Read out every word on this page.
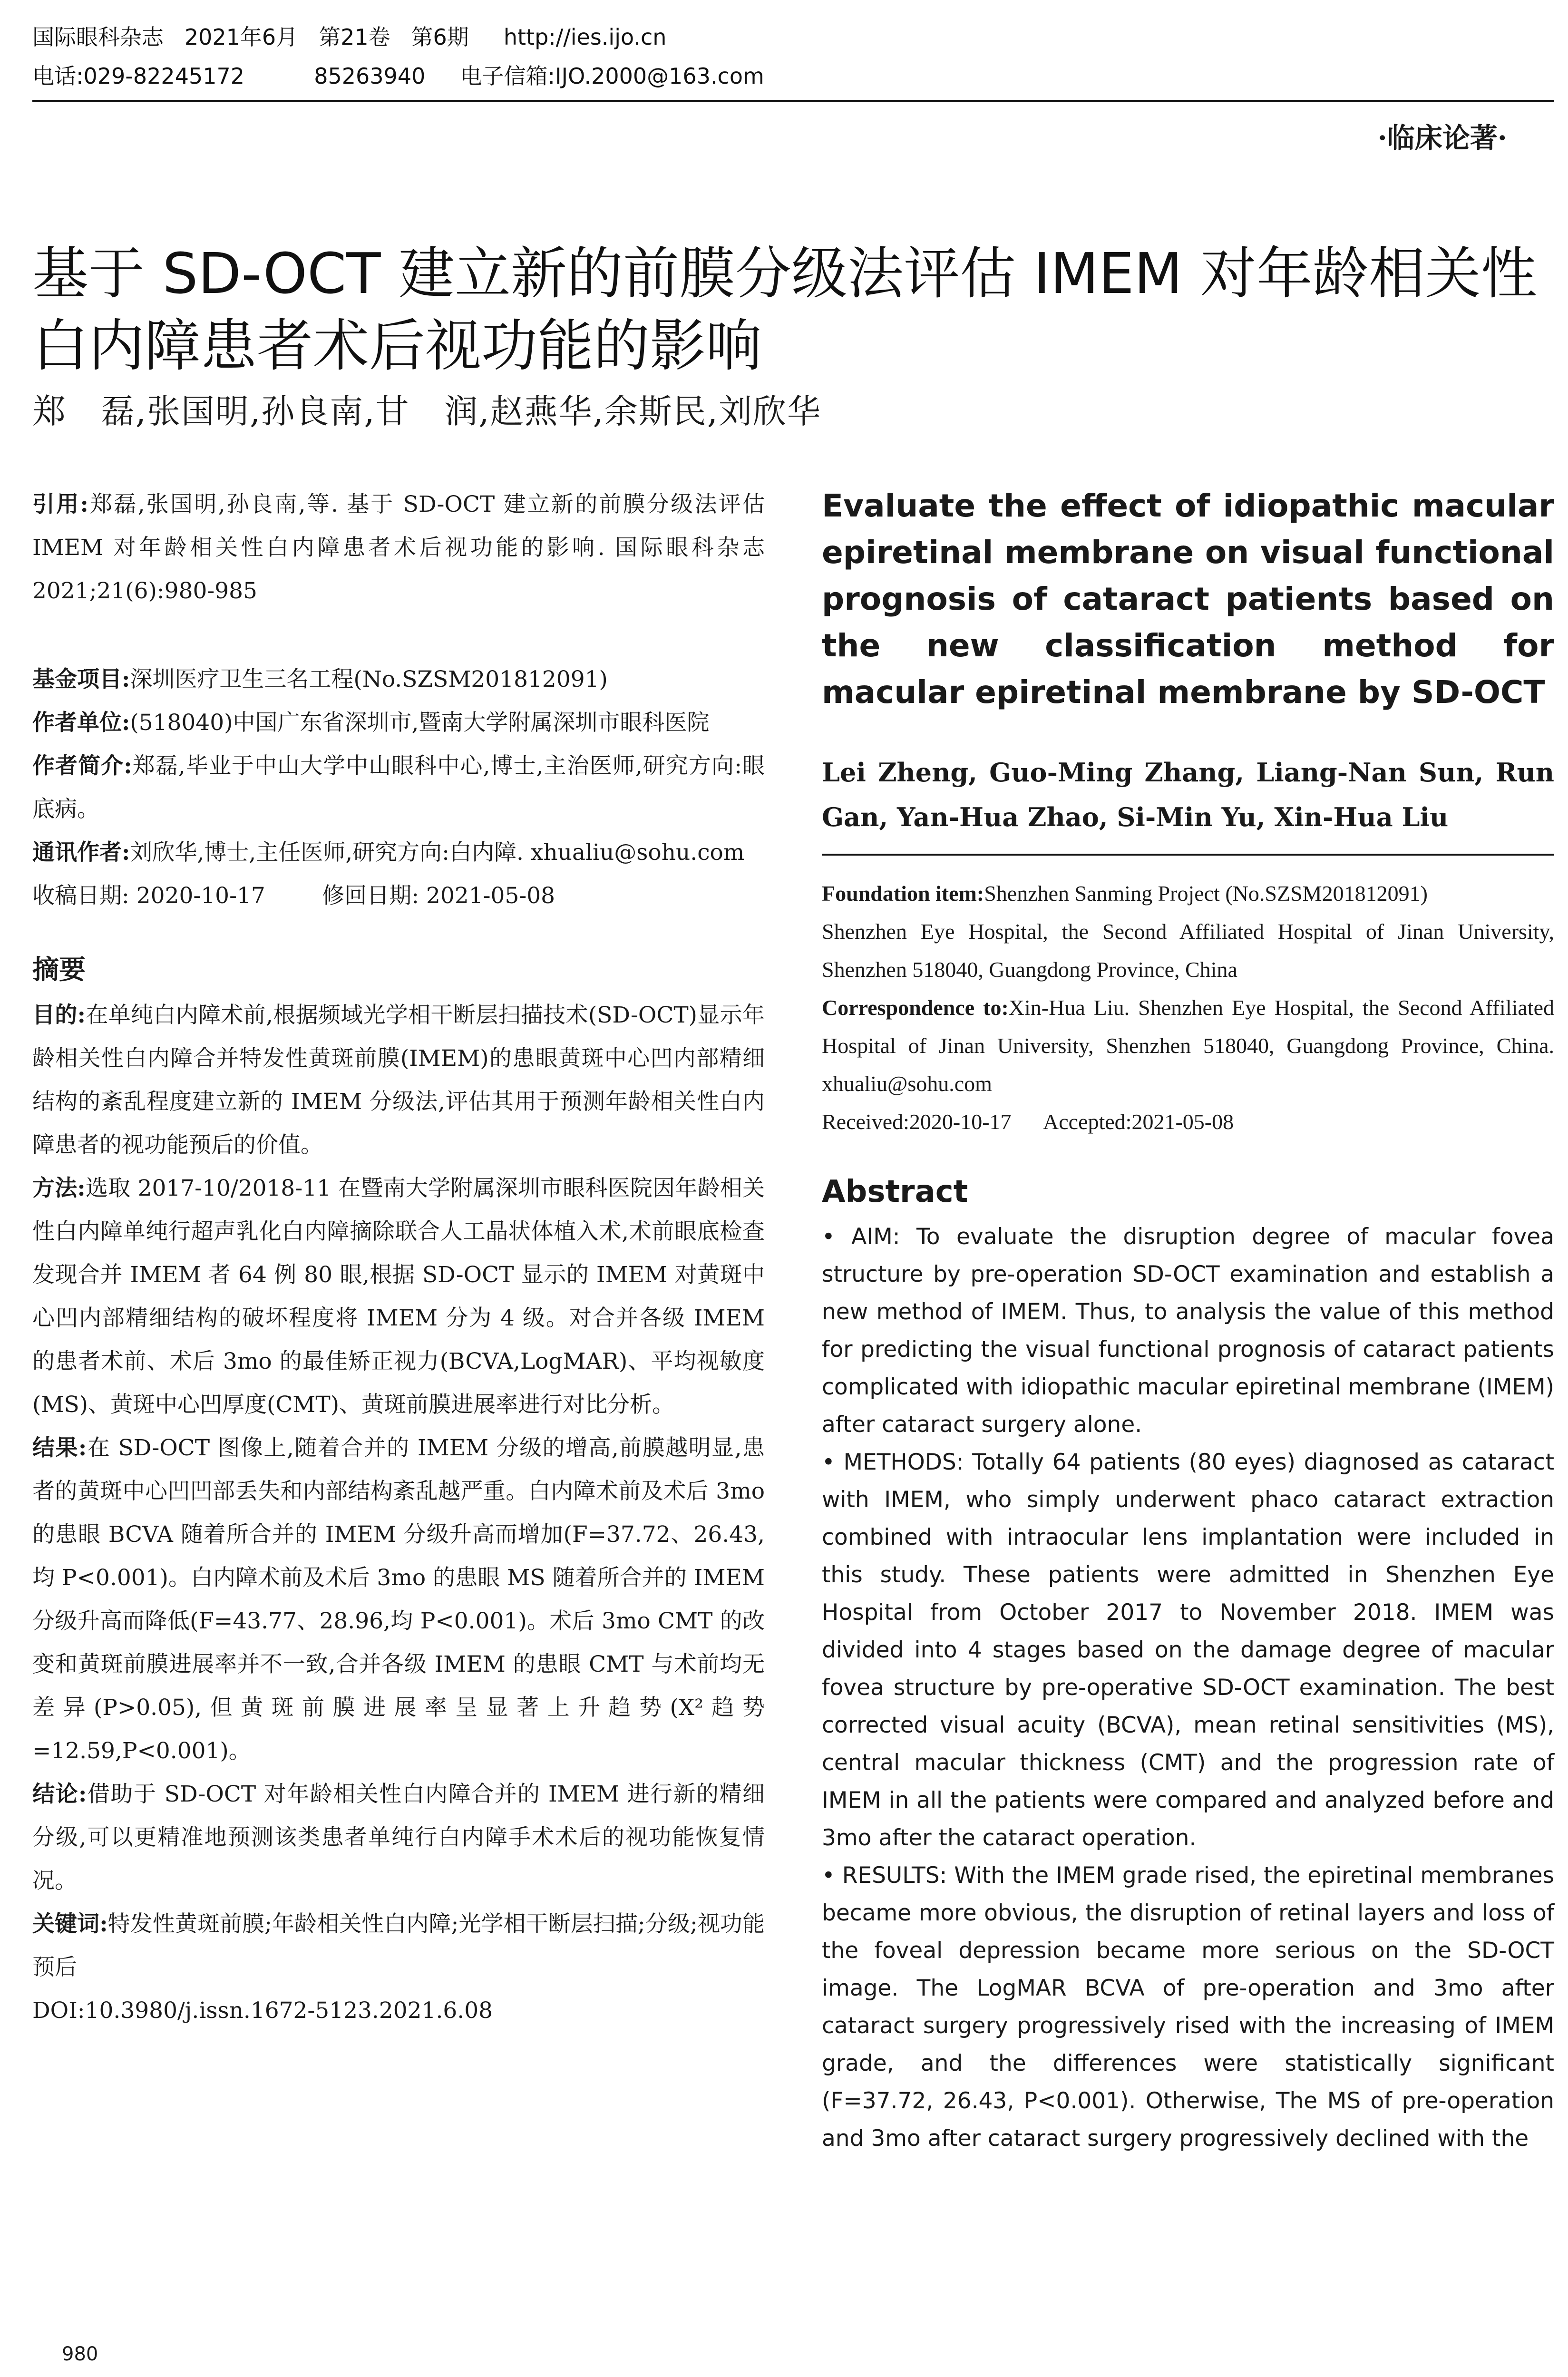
国际眼科杂志   2021年6月   第21卷   第6期     http://ies.ijo.cn
电话:029-82245172          85263940     电子信箱:IJO.2000@163.com
·临床论著·
基于 SD-OCT 建立新的前膜分级法评估 IMEM 对年龄相关性白内障患者术后视功能的影响
郑   磊,张国明,孙良南,甘   润,赵燕华,余斯民,刘欣华

引用:郑磊,张国明,孙良南,等. 基于 SD-OCT 建立新的前膜分级法评估 IMEM 对年龄相关性白内障患者术后视功能的影响. 国际眼科杂志 2021;21(6):980-985

基金项目:深圳医疗卫生三名工程(No.SZSM201812091)

作者单位:(518040)中国广东省深圳市,暨南大学附属深圳市眼科医院

作者简介:郑磊,毕业于中山大学中山眼科中心,博士,主治医师,研究方向:眼底病。

通讯作者:刘欣华,博士,主任医师,研究方向:白内障. xhualiu@sohu.com

收稿日期: 2020-10-17        修回日期: 2021-05-08

摘要

目的:在单纯白内障术前,根据频域光学相干断层扫描技术(SD-OCT)显示年龄相关性白内障合并特发性黄斑前膜(IMEM)的患眼黄斑中心凹内部精细结构的紊乱程度建立新的 IMEM 分级法,评估其用于预测年龄相关性白内障患者的视功能预后的价值。

方法:选取 2017-10/2018-11 在暨南大学附属深圳市眼科医院因年龄相关性白内障单纯行超声乳化白内障摘除联合人工晶状体植入术,术前眼底检查发现合并 IMEM 者 64 例 80 眼,根据 SD-OCT 显示的 IMEM 对黄斑中心凹内部精细结构的破坏程度将 IMEM 分为 4 级。对合并各级 IMEM 的患者术前、术后 3mo 的最佳矫正视力(BCVA,LogMAR)、平均视敏度(MS)、黄斑中心凹厚度(CMT)、黄斑前膜进展率进行对比分析。

结果:在 SD-OCT 图像上,随着合并的 IMEM 分级的增高,前膜越明显,患者的黄斑中心凹凹部丢失和内部结构紊乱越严重。白内障术前及术后 3mo 的患眼 BCVA 随着所合并的 IMEM 分级升高而增加(F=37.72、26.43,均 P<0.001)。白内障术前及术后 3mo 的患眼 MS 随着所合并的 IMEM 分级升高而降低(F=43.77、28.96,均 P<0.001)。术后 3mo CMT 的改变和黄斑前膜进展率并不一致,合并各级 IMEM 的患眼 CMT 与术前均无差异(P>0.05),但黄斑前膜进展率呈显著上升趋势(X²趋势=12.59,P<0.001)。

结论:借助于 SD-OCT 对年龄相关性白内障合并的 IMEM 进行新的精细分级,可以更精准地预测该类患者单纯行白内障手术术后的视功能恢复情况。

关键词:特发性黄斑前膜;年龄相关性白内障;光学相干断层扫描;分级;视功能预后

DOI:10.3980/j.issn.1672-5123.2021.6.08

Evaluate the effect of idiopathic macular epiretinal membrane on visual functional prognosis of cataract patients based on the new classification method for macular epiretinal membrane by SD-OCT

Lei Zheng, Guo-Ming Zhang, Liang-Nan Sun, Run Gan, Yan-Hua Zhao, Si-Min Yu, Xin-Hua Liu

Foundation item:Shenzhen Sanming Project (No.SZSM201812091)

Shenzhen Eye Hospital, the Second Affiliated Hospital of Jinan University, Shenzhen 518040, Guangdong Province, China

Correspondence to:Xin-Hua Liu. Shenzhen Eye Hospital, the Second Affiliated Hospital of Jinan University, Shenzhen 518040, Guangdong Province, China. xhualiu@sohu.com

Received:2020-10-17      Accepted:2021-05-08

Abstract

• AIM: To evaluate the disruption degree of macular fovea structure by pre-operation SD-OCT examination and establish a new method of IMEM. Thus, to analysis the value of this method for predicting the visual functional prognosis of cataract patients complicated with idiopathic macular epiretinal membrane (IMEM) after cataract surgery alone.

• METHODS: Totally 64 patients (80 eyes) diagnosed as cataract with IMEM, who simply underwent phaco cataract extraction combined with intraocular lens implantation were included in this study. These patients were admitted in Shenzhen Eye Hospital from October 2017 to November 2018. IMEM was divided into 4 stages based on the damage degree of macular fovea structure by pre-operative SD-OCT examination. The best corrected visual acuity (BCVA), mean retinal sensitivities (MS), central macular thickness (CMT) and the progression rate of IMEM in all the patients were compared and analyzed before and 3mo after the cataract operation.

• RESULTS: With the IMEM grade rised, the epiretinal membranes became more obvious, the disruption of retinal layers and loss of the foveal depression became more serious on the SD-OCT image. The LogMAR BCVA of pre-operation and 3mo after cataract surgery progressively rised with the increasing of IMEM grade, and the differences were statistically significant (F=37.72, 26.43, P<0.001). Otherwise, The MS of pre-operation and 3mo after cataract surgery progressively declined with the

980
